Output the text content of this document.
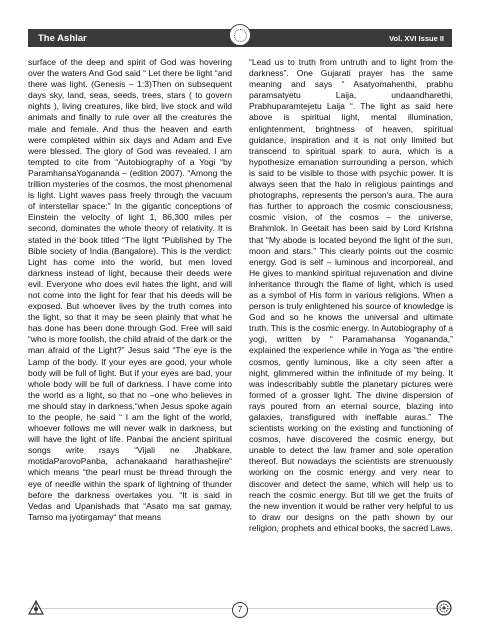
The Ashlar	Vol. XVI Issue II

surface of the deep and spirit of God was hovering over the waters And God said “ Let there be light “and there was light. (Genesis – 1:3)Then on subsequent days sky, land, seas, seeds, trees, stars ( to govern nights ), living creatures, like bird, live stock and wild animals and finally to rule over all the creatures the male and female. And thus the heaven and earth were completed within six days and Adam and Eve were blessed. The glory of God was revealed. I am tempted to cite from “Autobiography of a Yogi “by ParamhansaYogananda – (edition 2007). “Among the trillion mysteries of the cosmos, the most phenomenal is light. Light waves pass freely through the vacuum of interstellar space:” In the gigantic conceptions of Einstein the velocity of light 1, 86,300 miles per second, dominates the whole theory of relativity. It is stated in the book titled “The light “Published by The Bible society of India (Bangalore). This is the verdict: Light has come into the world, but men loved darkness instead of light, because their deeds were evil. Everyone who does evil hates the light, and will not come into the light for fear that his deeds will be exposed. But whoever lives by the truth comes into the light, so that it may be seen plainly that what he has done has been done through God. Free will said “who is more foolish, the child afraid of the dark or the man afraid of the Light?” Jesus said “The eye is the Lamp of the body. If your eyes are good, your whole body will be full of light. But if your eyes are bad, your whole body will be full of darkness. I have come into the world as a light, so that no –one who believes in me should stay in darkness,“when Jesus spoke again to the people, he said “ I am the light of the world, whoever follows me will never walk in darkness, but will have the light of life. Panbai the ancient spiritual songs write rsays “Vijali ne Jhabkare, motidaParovoPanba, achanakaand harathashejire“ which means “the pearl must be thread through the eye of needle within the spark of lightning of thunder before the darkness overtakes you. “It is said in Vedas and Upanishads that “Asato ma sat gamay, Tamso ma jyotirgamay“ that means

“Lead us to truth from untruth and to light from the darkness”. One Gujarati prayer has the same meaning and says “ Asatyomahenthi, prabhu paramsatyetu Laija, undaandharethi, Prabhuparamtejetu Laija “. The light as said here above is spiritual light, mental illumination, enlightenment, brightness of heaven, spiritual guidance, inspiration and it is not only limited but transcend to spiritual spark to aura, which is a hypothesize emanation surrounding a person, which is said to be visible to those with psychic power. It is always seen that the halo in religious paintings and photographs, represents the person's aura. The aura has further to approach the cosmic consciousness, cosmic vision, of the cosmos – the universe, Brahmlok. In Geetait has been said by Lord Krishna that “My abode is located beyond the light of the sun, moon and stars.” This clearly points out the cosmic energy. God is self – luminous and incorporeal, and He gives to mankind spiritual rejuvenation and divine inheritance through the flame of light, which is used as a symbol of His form in various religions. When a person is truly enlightened his source of knowledge is God and so he knows the universal and ultimate truth. This is the cosmic energy. In Autobiography of a yogi, written by “ Paramahansa Yogananda,” explained the experience while in Yoga as “the entire cosmos, gently luminous, like a city seen after a night, glimmered within the infinitude of my being. It was indescribably subtle the planetary pictures were formed of a grosser light. The divine dispersion of rays poured from an eternal source, blazing into galaxies, transfigured with ineffable auras.” The scientists working on the existing and functioning of cosmos, have discovered the cosmic energy, but unable to detect the law framer and sole operation thereof. But nowadays the scientists are strenuously working on the cosmic energy and very near to discover and detect the same, which will help us to reach the cosmic energy. But till we get the fruits of the new invention it would be rather very helpful to us to draw our designs on the path shown by our religion, prophets and ethical books, the sacred Laws.

7
